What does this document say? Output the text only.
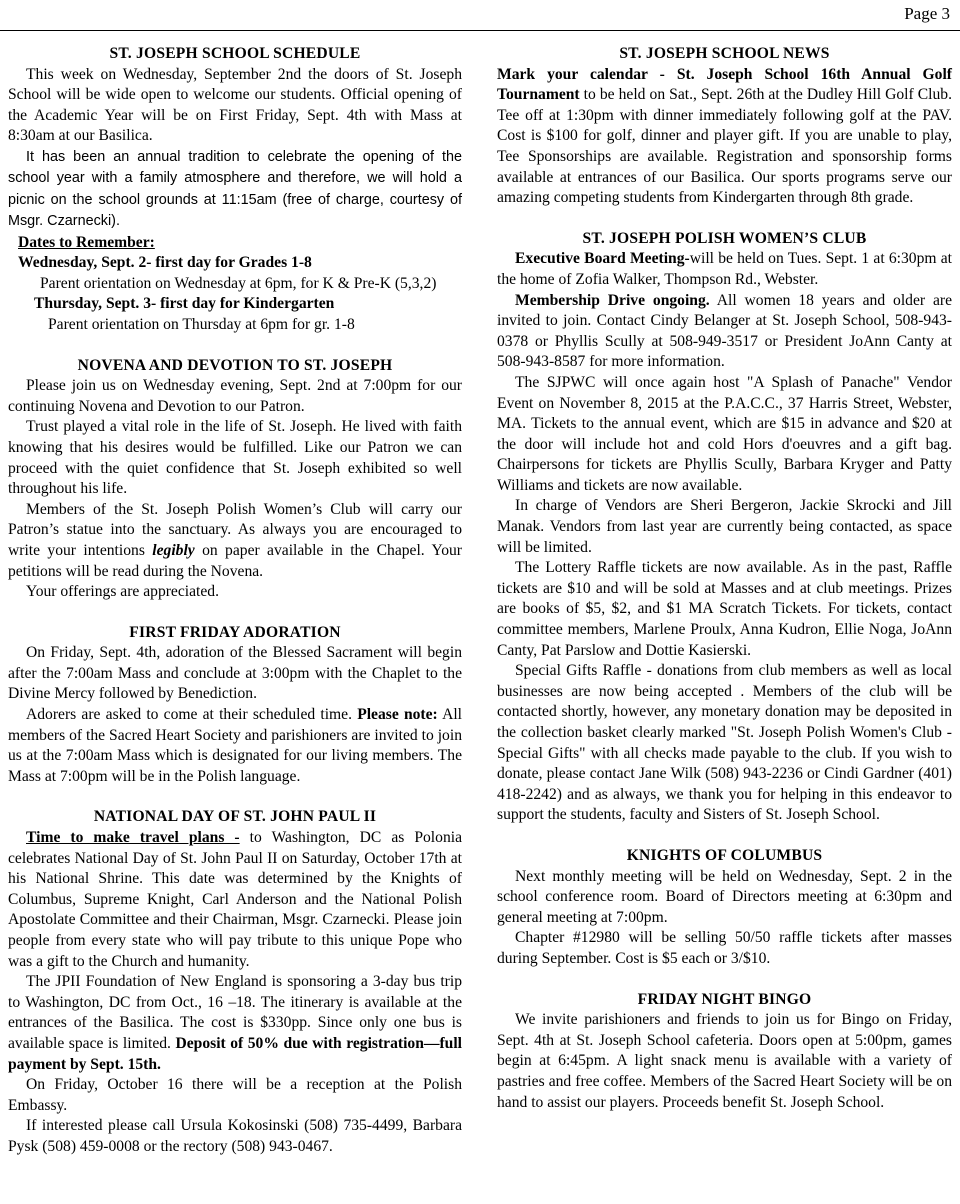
Page 3

ST. JOSEPH SCHOOL SCHEDULE

This week on Wednesday, September 2nd the doors of St. Joseph School will be wide open to welcome our students. Official opening of the Academic Year will be on First Friday, Sept. 4th with Mass at 8:30am at our Basilica.

It has been an annual tradition to celebrate the opening of the school year with a family atmosphere and therefore, we will hold a picnic on the school grounds at 11:15am (free of charge, courtesy of Msgr. Czarnecki).

Dates to Remember:

Wednesday, Sept. 2- first day for Grades 1-8

Parent orientation on Wednesday at 6pm, for K & Pre-K (5,3,2)

Thursday, Sept. 3- first day for Kindergarten

Parent orientation on Thursday at 6pm for gr. 1-8

NOVENA AND DEVOTION TO ST. JOSEPH

Please join us on Wednesday evening, Sept. 2nd at 7:00pm for our continuing Novena and Devotion to our Patron.

Trust played a vital role in the life of St. Joseph. He lived with faith knowing that his desires would be fulfilled. Like our Patron we can proceed with the quiet confidence that St. Joseph exhibited so well throughout his life.

Members of the St. Joseph Polish Women’s Club will carry our Patron’s statue into the sanctuary. As always you are encouraged to write your intentions legibly on paper available in the Chapel. Your petitions will be read during the Novena.

Your offerings are appreciated.

FIRST FRIDAY ADORATION

On Friday, Sept. 4th, adoration of the Blessed Sacrament will begin after the 7:00am Mass and conclude at 3:00pm with the Chaplet to the Divine Mercy followed by Benediction.

Adorers are asked to come at their scheduled time. Please note: All members of the Sacred Heart Society and parishioners are invited to join us at the 7:00am Mass which is designated for our living members. The Mass at 7:00pm will be in the Polish language.

NATIONAL DAY OF ST. JOHN PAUL II

Time to make travel plans - to Washington, DC as Polonia celebrates National Day of St. John Paul II on Saturday, October 17th at his National Shrine. This date was determined by the Knights of Columbus, Supreme Knight, Carl Anderson and the National Polish Apostolate Committee and their Chairman, Msgr. Czarnecki. Please join people from every state who will pay tribute to this unique Pope who was a gift to the Church and humanity.

The JPII Foundation of New England is sponsoring a 3-day bus trip to Washington, DC from Oct., 16 –18. The itinerary is available at the entrances of the Basilica. The cost is $330pp. Since only one bus is available space is limited. Deposit of 50% due with registration—full payment by Sept. 15th.

On Friday, October 16 there will be a reception at the Polish Embassy.

If interested please call Ursula Kokosinski (508) 735-4499, Barbara Pysk (508) 459-0008 or the rectory (508) 943-0467.

ST. JOSEPH SCHOOL NEWS

Mark your calendar - St. Joseph School 16th Annual Golf Tournament to be held on Sat., Sept. 26th at the Dudley Hill Golf Club. Tee off at 1:30pm with dinner immediately following golf at the PAV. Cost is $100 for golf, dinner and player gift. If you are unable to play, Tee Sponsorships are available. Registration and sponsorship forms available at entrances of our Basilica. Our sports programs serve our amazing competing students from Kindergarten through 8th grade.

ST. JOSEPH POLISH WOMEN’S CLUB

Executive Board Meeting-will be held on Tues. Sept. 1 at 6:30pm at the home of Zofia Walker, Thompson Rd., Webster.

Membership Drive ongoing. All women 18 years and older are invited to join. Contact Cindy Belanger at St. Joseph School, 508-943-0378 or Phyllis Scully at 508-949-3517 or President JoAnn Canty at 508-943-8587 for more information.

The SJPWC will once again host "A Splash of Panache" Vendor Event on November 8, 2015 at the P.A.C.C., 37 Harris Street, Webster, MA. Tickets to the annual event, which are $15 in advance and $20 at the door will include hot and cold Hors d'oeuvres and a gift bag. Chairpersons for tickets are Phyllis Scully, Barbara Kryger and Patty Williams and tickets are now available.

In charge of Vendors are Sheri Bergeron, Jackie Skrocki and Jill Manak. Vendors from last year are currently being contacted, as space will be limited.

The Lottery Raffle tickets are now available. As in the past, Raffle tickets are $10 and will be sold at Masses and at club meetings. Prizes are books of $5, $2, and $1 MA Scratch Tickets. For tickets, contact committee members, Marlene Proulx, Anna Kudron, Ellie Noga, JoAnn Canty, Pat Parslow and Dottie Kasierski.

Special Gifts Raffle - donations from club members as well as local businesses are now being accepted . Members of the club will be contacted shortly, however, any monetary donation may be deposited in the collection basket clearly marked "St. Joseph Polish Women's Club - Special Gifts" with all checks made payable to the club. If you wish to donate, please contact Jane Wilk (508) 943-2236 or Cindi Gardner (401) 418-2242) and as always, we thank you for helping in this endeavor to support the students, faculty and Sisters of St. Joseph School.

KNIGHTS OF COLUMBUS

Next monthly meeting will be held on Wednesday, Sept. 2 in the school conference room. Board of Directors meeting at 6:30pm and general meeting at 7:00pm.

Chapter #12980 will be selling 50/50 raffle tickets after masses during September. Cost is $5 each or 3/$10.

FRIDAY NIGHT BINGO

We invite parishioners and friends to join us for Bingo on Friday, Sept. 4th at St. Joseph School cafeteria. Doors open at 5:00pm, games begin at 6:45pm. A light snack menu is available with a variety of pastries and free coffee. Members of the Sacred Heart Society will be on hand to assist our players. Proceeds benefit St. Joseph School.
